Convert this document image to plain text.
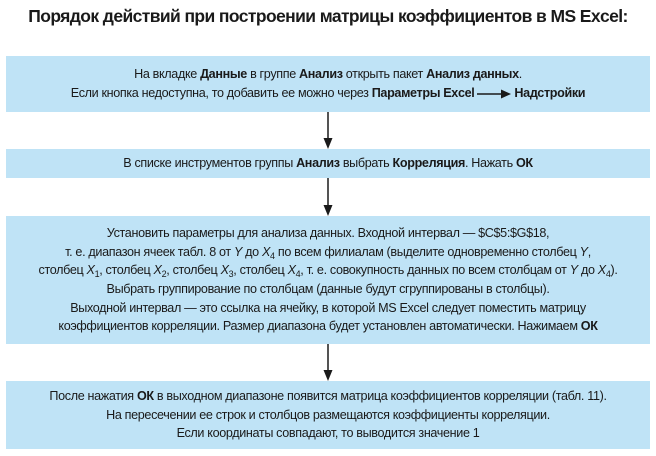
Порядок действий при построении матрицы коэффициентов в MS Excel:
На вкладке Данные в группе Анализ открыть пакет Анализ данных.
Если кнопка недоступна, то добавить ее можно через Параметры Excel	Надстройки
В списке инструментов группы Анализ выбрать Корреляция. Нажать ОК
Установить параметры для анализа данных. Входной интервал — $C$5:$G$18,
т. е. диапазон ячеек табл. 8 от Y до $X_4$ по всем филиалам (выделите одновременно столбец Y,
столбец $X_1$, столбец $X_2$, столбец $X_3$, столбец $X_4$, т. е. совокупность данных по всем столбцам от Y до $X_4$).
Выбрать группирование по столбцам (данные будут сгруппированы в столбцы).
Выходной интервал — это ссылка на ячейку, в которой MS Excel следует поместить матрицу
коэффициентов корреляции. Размер диапазона будет установлен автоматически. Нажимаем ОК
После нажатия ОК в выходном диапазоне появится матрица коэффициентов корреляции (табл. 11).
На пересечении ее строк и столбцов размещаются коэффициенты корреляции.
Если координаты совпадают, то выводится значение 1
